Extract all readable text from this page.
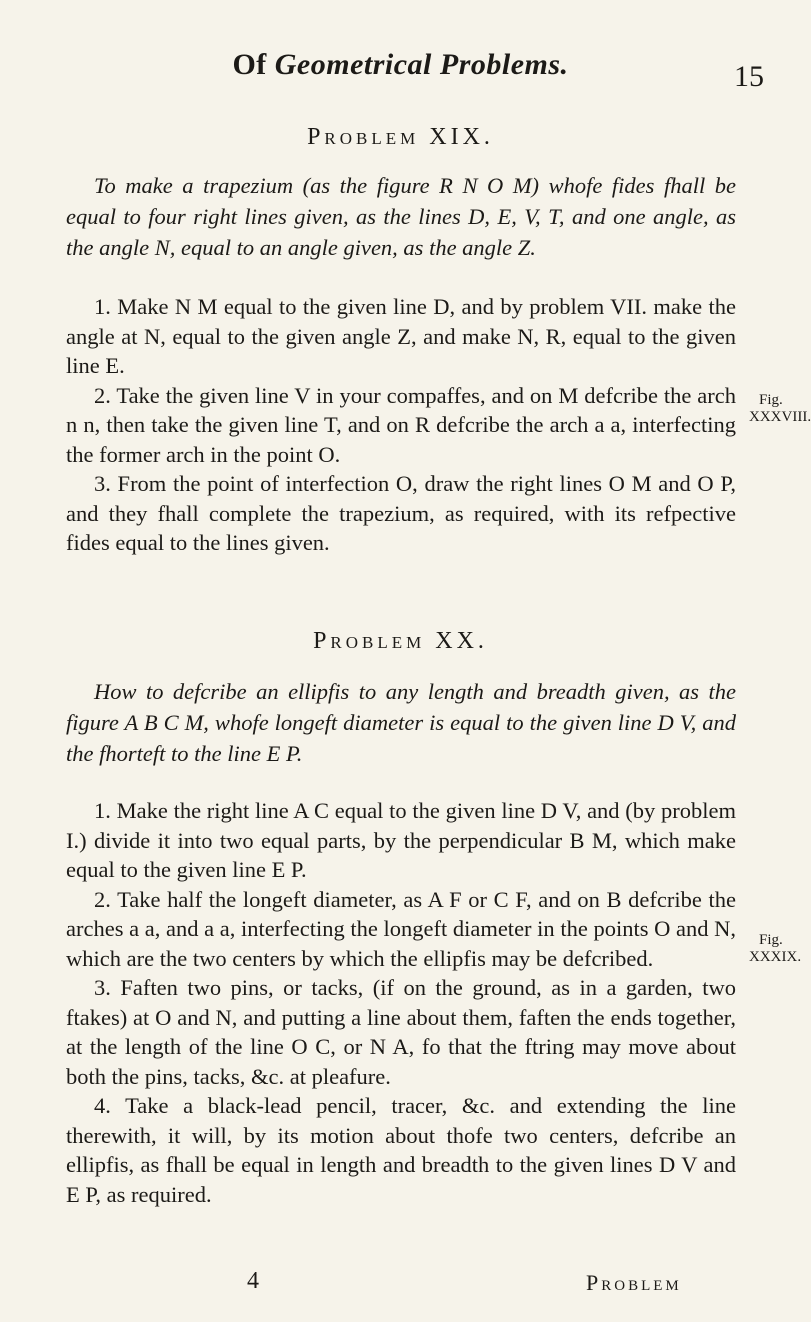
Of Geometrical Problems.	15
Problem XIX.

To make a trapezium (as the figure R N O M) whofe fides fhall be equal to four right lines given, as the lines D, E, V, T, and one angle, as the angle N, equal to an angle given, as the angle Z.

1. Make N M equal to the given line D, and by problem VII. make the angle at N, equal to the given angle Z, and make N, R, equal to the given line E.

2. Take the given line V in your compaffes, and on M defcribe the arch n n, then take the given line T, and on R defcribe the arch a a, interfecting the former arch in the point O.

3. From the point of interfection O, draw the right lines O M and O P, and they fhall complete the trapezium, as required, with its refpective fides equal to the lines given.

Fig.
XXXVIII.
Problem XX.

How to defcribe an ellipfis to any length and breadth given, as the figure A B C M, whofe longeft diameter is equal to the given line D V, and the fhorteft to the line E P.

1. Make the right line A C equal to the given line D V, and (by problem I.) divide it into two equal parts, by the perpendicular B M, which make equal to the given line E P.

2. Take half the longeft diameter, as A F or C F, and on B defcribe the arches a a, and a a, interfecting the longeft diameter in the points O and N, which are the two centers by which the ellipfis may be defcribed.

3. Faften two pins, or tacks, (if on the ground, as in a garden, two ftakes) at O and N, and putting a line about them, faften the ends together, at the length of the line O C, or N A, fo that the ftring may move about both the pins, tacks, &c. at pleafure.

4. Take a black-lead pencil, tracer, &c. and extending the line therewith, it will, by its motion about thofe two centers, defcribe an ellipfis, as fhall be equal in length and breadth to the given lines D V and E P, as required.

Fig.
XXXIX.
4	Problem
